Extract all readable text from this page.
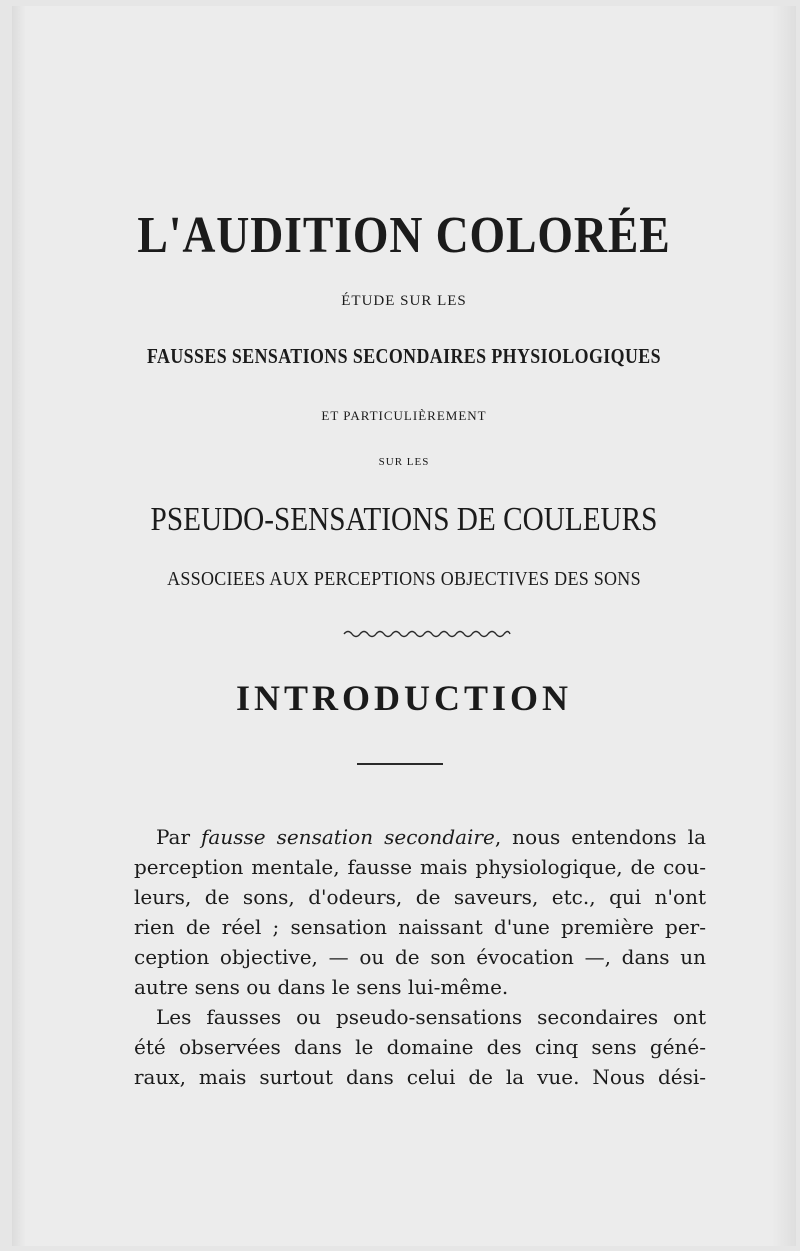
L'AUDITION COLORÉE
ÉTUDE SUR LES
FAUSSES SENSATIONS SECONDAIRES PHYSIOLOGIQUES
ET PARTICULIÈREMENT
SUR LES
PSEUDO-SENSATIONS DE COULEURS
ASSOCIEES AUX PERCEPTIONS OBJECTIVES DES SONS
INTRODUCTION
Par fausse sensation secondaire, nous entendons la
perception mentale, fausse mais physiologique, de cou-
leurs, de sons, d'odeurs, de saveurs, etc., qui n'ont
rien de réel ; sensation naissant d'une première per-
ception objective, — ou de son évocation —, dans un
autre sens ou dans le sens lui-même.
Les fausses ou pseudo-sensations secondaires ont
été observées dans le domaine des cinq sens géné-
raux, mais surtout dans celui de la vue. Nous dési-
